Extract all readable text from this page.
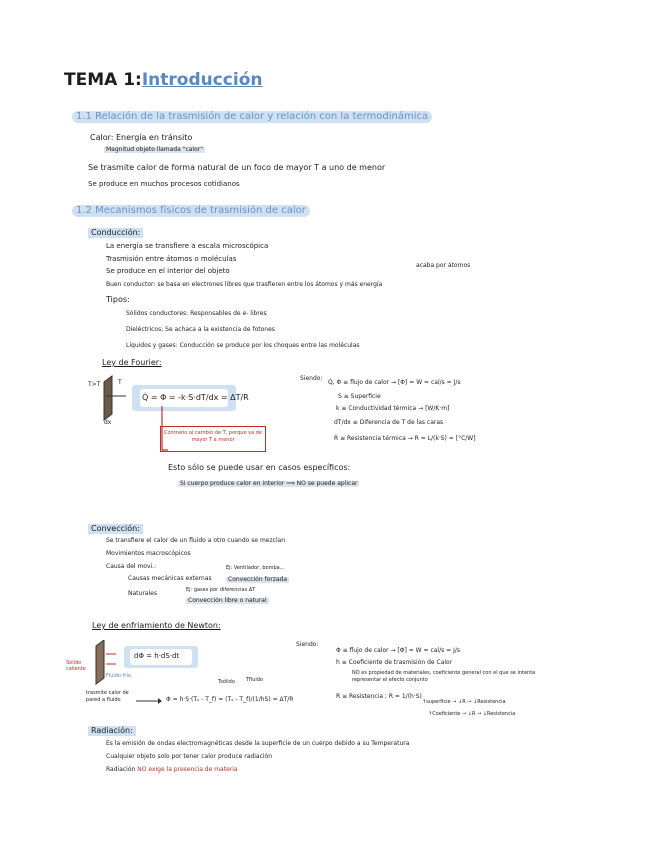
TEMA 1:Introducción
1.1 Relación de la trasmisión de calor y relación con la termodinámica
Calor: Energía en tránsito
Magnitud objeto llamada "calor"
Se trasmite calor de forma natural de un foco de mayor T a uno de menor
Se produce en muchos procesos cotidianos
1.2 Mecanismos físicos de trasmisión de calor
Conducción:
La energía se transfiere a escala microscópica
Trasmisión entre átomos o moléculas
Se produce en el interior del objeto
acaba por átomos
Buen conductor: se basa en electrones libres que trasfieren entre los átomos y más energía
Tipos:
Sólidos conductores: Responsables de e- libres
Dieléctricos: Se achaca a la existencia de fotones
Líquidos y gases: Conducción se produce por los choques entre las moléculas
Ley de Fourier:
T>T	T
dx
Q̇ = Φ = -k·S·dT/dx = ΔT/R
Contrario al cambio de T, porque va de mayor T a menor
Siendo:
Q̇, Φ ≡ flujo de calor → [Φ] = W = cal/s = J/s
S ≡ Superficie
k ≡ Conductividad térmica → [W/K·m]
dT/dx ≡ Diferencia de T de las caras
R ≡ Resistencia térmica → R = L/(k·S) = [°C/W]
Esto sólo se puede usar en casos específicos:
Si cuerpo produce calor en interior ⟹ NO se puede aplicar
Convección:
Se transfiere el calor de un fluido a otro cuando se mezclan
Movimientos macroscópicos
Causa del movi.:
Causas mecánicas externas
Ej: Ventilador, bomba...
Convección forzada
Naturales	Ej: gases por diferencias ΔT
Convección libre o natural
Ley de enfriamiento de Newton:
Sólido caliente
Fluido frío
trasmite calor de pared a fluido
dΦ = h·dS·dt
Tsólido Tfluido
Φ = h·S·(Tₛ - T_f) = (Tₛ - T_f)/(1/hS) = ΔT/R
Siendo:
Φ ≡ flujo de calor → [Φ] = W = cal/s = J/s
h ≡ Coeficiente de trasmisión de Calor
NO es propiedad de materiales, coeficiente general con el que se intenta representar el efecto conjunto
R ≡ Resistencia ; R = 1/(h·S)
↑superficie → ↓R → ↓Resistencia
↑Coeficiente → ↓R → ↓Resistencia
Radiación:
Es la emisión de ondas electromagnéticas desde la superficie de un cuerpo debido a su Temperatura
Cualquier objeto solo por tener calor produce radiación
Radiación NO exige la presencia de materia
